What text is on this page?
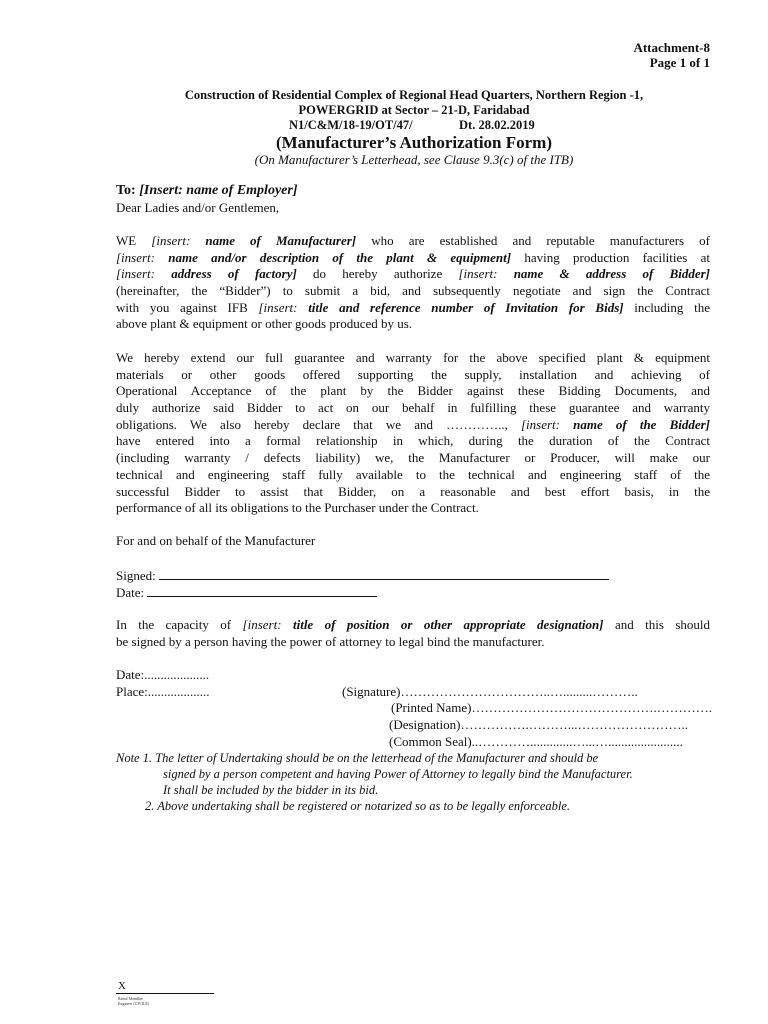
Attachment-8
Page 1 of 1
Construction of Residential Complex of Regional Head Quarters, Northern Region -1,
POWERGRID at Sector – 21-D, Faridabad
N1/C&M/18-19/OT/47/	Dt. 28.02.2019
(Manufacturer’s Authorization Form)
(On Manufacturer’s Letterhead, see Clause 9.3(c) of the ITB)
To: [Insert: name of Employer]
Dear Ladies and/or Gentlemen,
WE [insert: name of Manufacturer] who are established and reputable manufacturers of
[insert: name and/or description of the plant & equipment] having production facilities at
[insert: address of factory] do hereby authorize [insert: name & address of Bidder]
(hereinafter, the “Bidder”) to submit a bid, and subsequently negotiate and sign the Contract
with you against IFB [insert: title and reference number of Invitation for Bids] including the
above plant & equipment or other goods produced by us.
We hereby extend our full guarantee and warranty for the above specified plant & equipment
materials or other goods offered supporting the supply, installation and achieving of
Operational Acceptance of the plant by the Bidder against these Bidding Documents, and
duly authorize said Bidder to act on our behalf in fulfilling these guarantee and warranty
obligations. We also hereby declare that we and ………….., [insert: name of the Bidder]
have entered into a formal relationship in which, during the duration of the Contract
(including warranty / defects liability) we, the Manufacturer or Producer, will make our
technical and engineering staff fully available to the technical and engineering staff of the
successful Bidder to assist that Bidder, on a reasonable and best effort basis, in the
performance of all its obligations to the Purchaser under the Contract.
For and on behalf of the Manufacturer
Signed:
Date:
In the capacity of [insert: title of position or other appropriate designation] and this should
be signed by a person having the power of attorney to legal bind the manufacturer.
Date:....................
Place:...................	(Signature)……………………………..….........………..
(Printed Name)…………………………………….………….
(Designation)…………….………...……………………..
(Common Seal)..………….............…...….......................
Note 1. The letter of Undertaking should be on the letterhead of the Manufacturer and should be
signed by a person competent and having Power of Attorney to legally bind the Manufacturer.
It shall be included by the bidder in its bid.
2. Above undertaking shall be registered or notarized so as to be legally enforceable.
X
Rahul Mandhre
Engineer (CIVILE)
